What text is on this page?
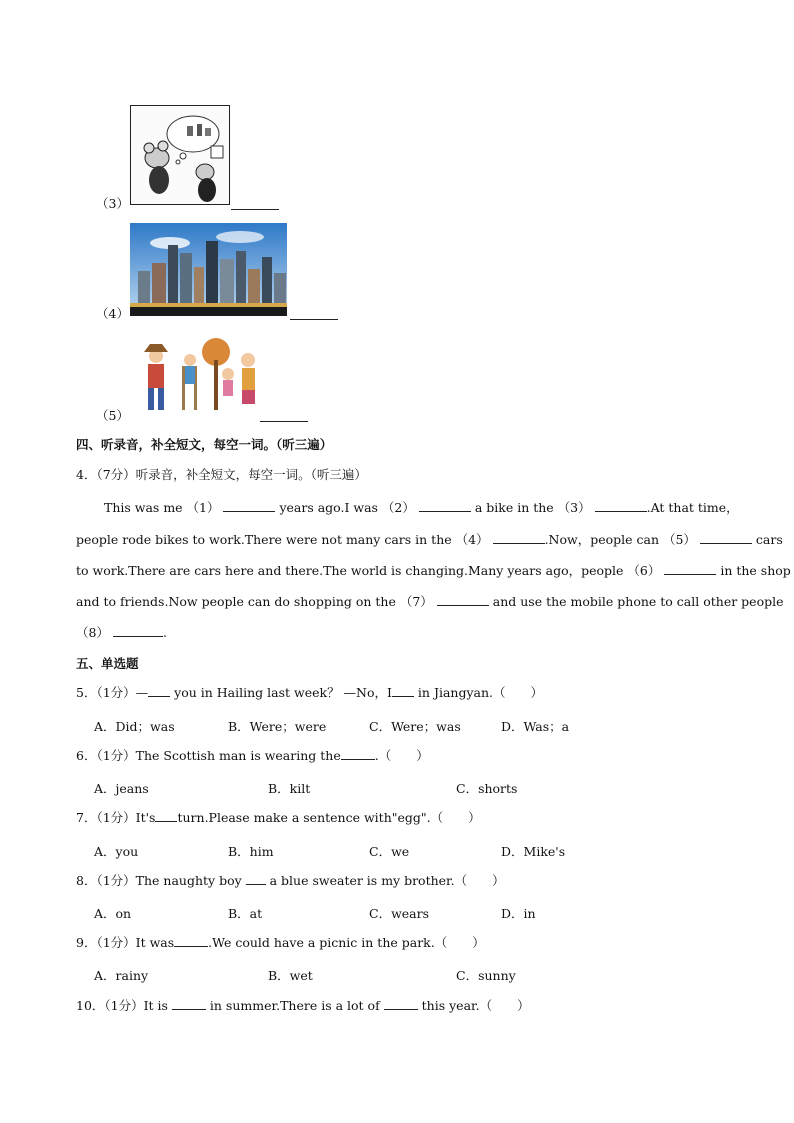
（3）
（4）
（5）
四、听录音，补全短文，每空一词。（听三遍）
4．（7分）听录音，补全短文，每空一词。（听三遍）
This was me （1）	years ago.I was （2）	a bike in the （3）	.At that time，
people rode bikes to work.There were not many cars in the （4）	.Now，people can （5）	cars
to work.There are cars here and there.The world is changing.Many years ago，people （6）	in the shop
and to friends.Now people can do shopping on the （7）	and use the mobile phone to call other people
（8）	.
五、单选题
5．（1分）— you in Hailing last week？ —No，I in Jiangyan.（　　）
A．Did；was	B．Were；were	C．Were；was	D．Was；a
6．（1分）The Scottish man is wearing the	.（　　）
A．jeans	B．kilt	C．shorts
7．（1分）It's turn.Please make a sentence with"egg".（　　）
A．you	B．him	C．we	D．Mike's
8．（1分）The naughty boy  a blue sweater is my brother.（　　）
A．on	B．at	C．wears	D．in
9．（1分）It was	.We could have a picnic in the park.（　　）
A．rainy	B．wet	C．sunny
10．（1分）It is	in summer.There is a lot of	this year.（　　）
